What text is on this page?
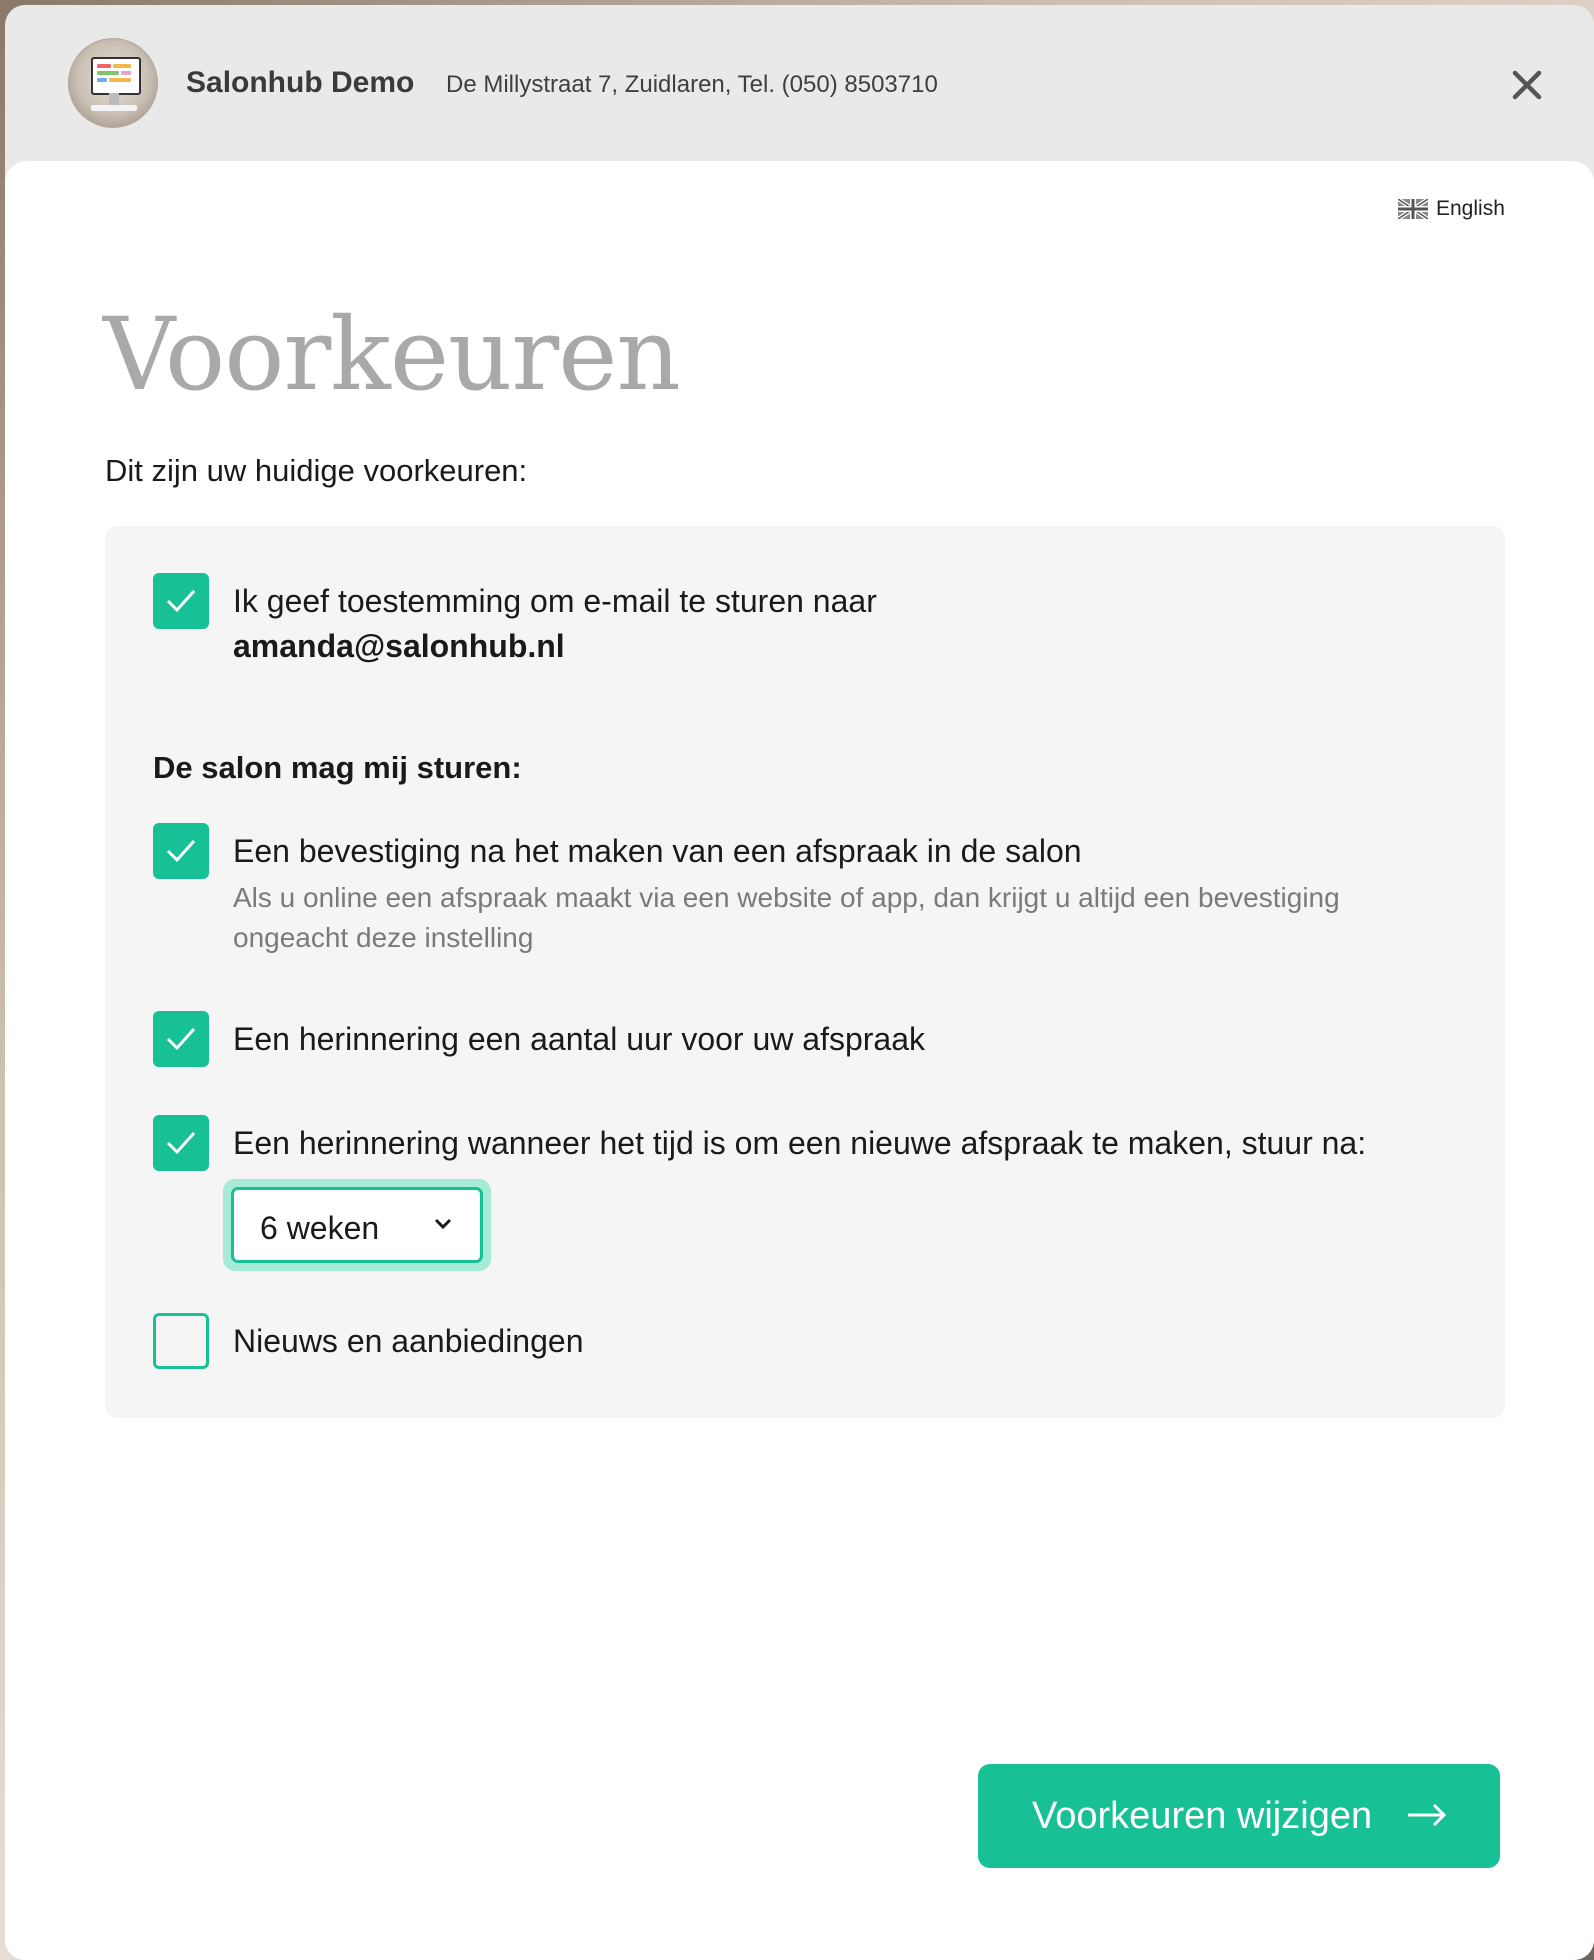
Salonhub Demo De Millystraat 7, Zuidlaren, Tel. (050) 8503710
English
Voorkeuren
Dit zijn uw huidige voorkeuren:
Ik geef toestemming om e-mail te sturen naar
amanda@salonhub.nl
De salon mag mij sturen:
Een bevestiging na het maken van een afspraak in de salon
Als u online een afspraak maakt via een website of app, dan krijgt u altijd een bevestiging ongeacht deze instelling
Een herinnering een aantal uur voor uw afspraak
Een herinnering wanneer het tijd is om een nieuwe afspraak te maken, stuur na:
6 weken
Nieuws en aanbiedingen
Voorkeuren wijzigen
